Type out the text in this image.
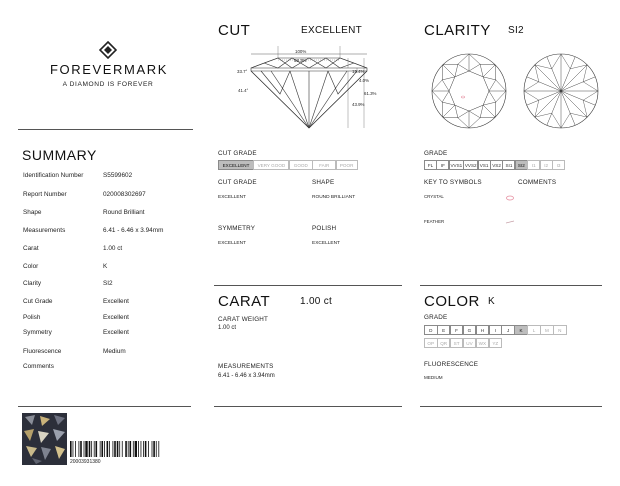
FOREVERMARK
A DIAMOND IS FOREVER
SUMMARY
Identification Number	S5599602
Report Number	020008302697
Shape	Round Brilliant
Measurements	6.41 - 6.46 x 3.94mm
Carat	1.00 ct
Color	K
Clarity	SI2
Cut Grade	Excellent
Polish	Excellent
Symmetry	Excellent
Fluorescence	Medium
Comments
20003931380
CUT	EXCELLENT
100%
58.3%
33.7°	15.4%
4.0%
61.3%
43.9%
41.4°
CUT GRADE
EXCELLENT	VERY GOOD	GOOD	FAIR	POOR
CUT GRADE
EXCELLENT
SHAPE
ROUND BRILLIANT
SYMMETRY
EXCELLENT
POLISH
EXCELLENT
CARAT	1.00 ct
CARAT WEIGHT
1.00 ct
MEASUREMENTS
6.41 - 6.46 x 3.94mm
CLARITY SI2
GRADE
FL	IF	VVS1 VVS2 VS1 VS2	SI1	SI2	I1	I2	I3
KEY TO SYMBOLS	COMMENTS
CRYSTAL
FEATHER
COLOR K
GRADE
D	E	F	G	H	I	J	K	L	M	N
OP	QR	ST	UV	WX	YZ
FLUORESCENCE
MEDIUM
